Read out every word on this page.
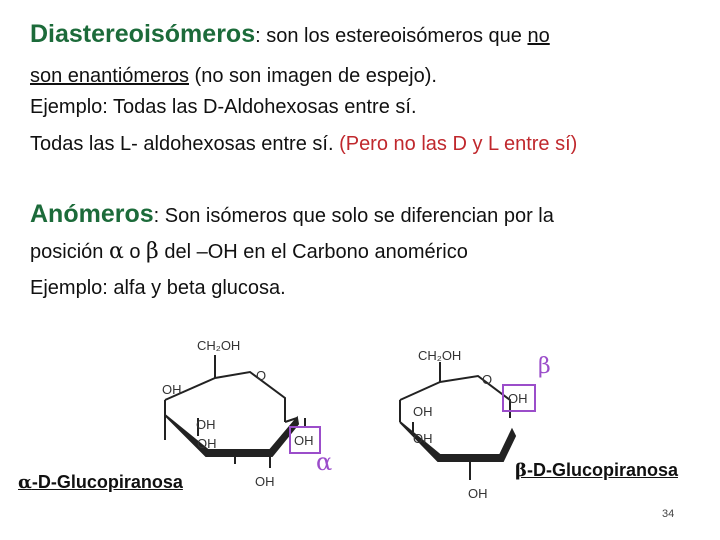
Diastereoisómeros: son los estereoisómeros que no
son enantiómeros (no son imagen de espejo).
Ejemplo: Todas las D-Aldohexosas entre sí.
Todas las L- aldohexosas entre sí. (Pero no las D y L entre sí)
Anómeros: Son isómeros que solo se diferencian por la
posición α o β del –OH en el Carbono anomérico
Ejemplo: alfa y beta glucosa.
CH₂OH
O
OH
OH
OH
OH
OH
α
CH₂OH
O
OH
OH
OH
OH
β
α-D-Glucopiranosa
β-D-Glucopiranosa
34
